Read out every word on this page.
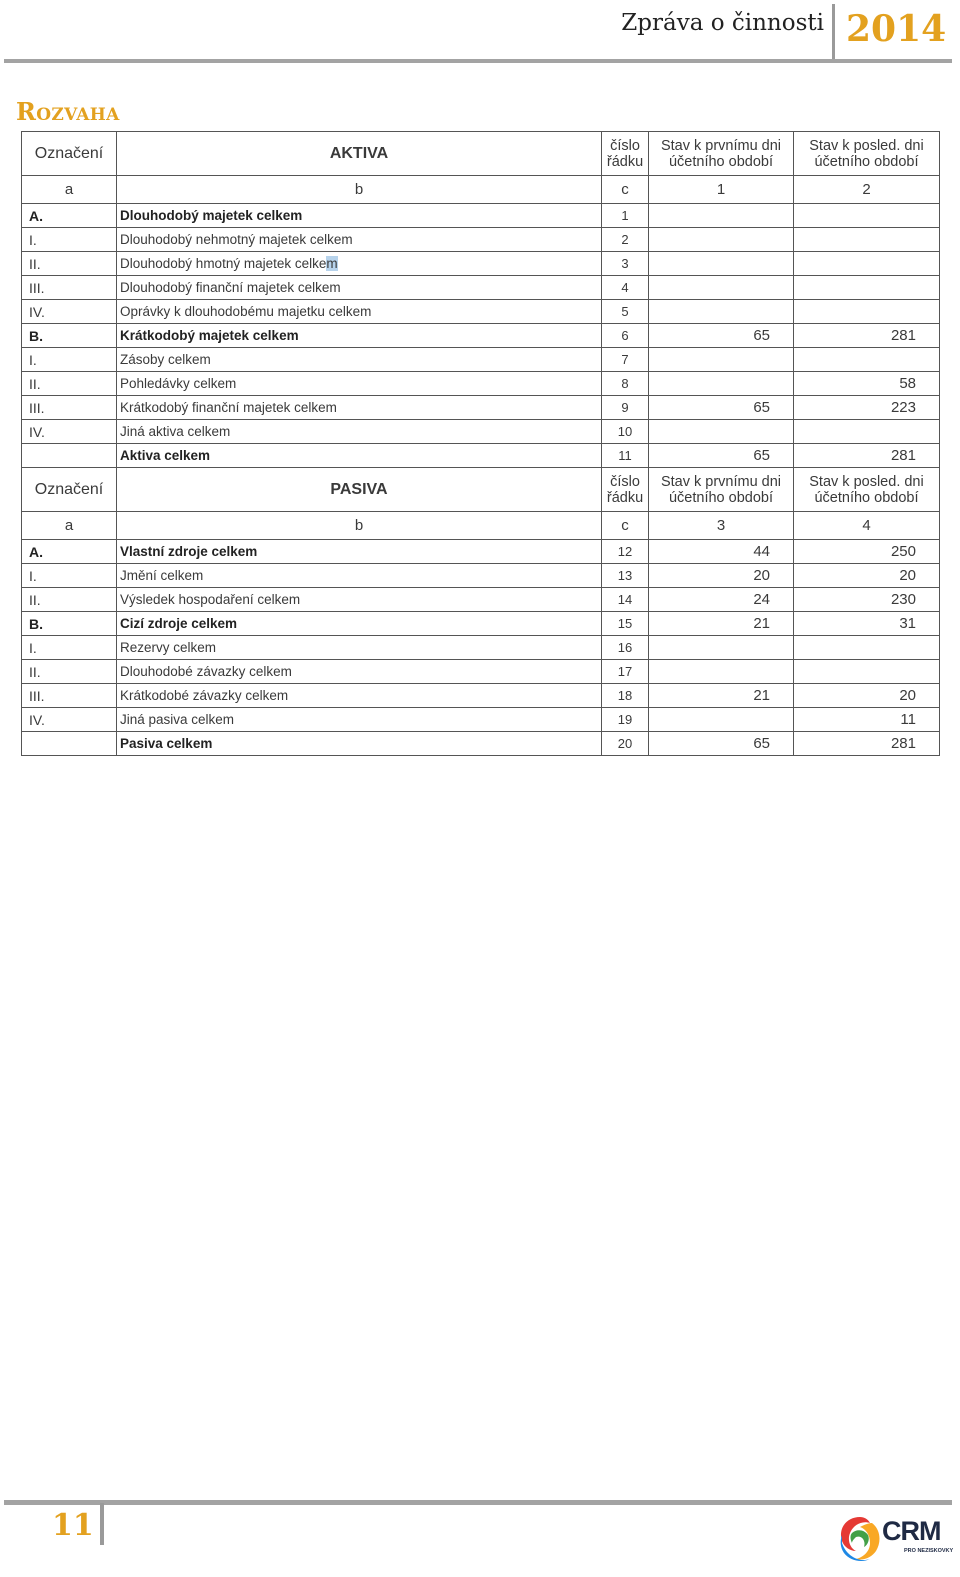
Zpráva o činnosti 2014
Rozvaha
Označení	AKTIVA	číslo řádku	Stav k prvnímu dni účetního období	Stav k posled. dni účetního období
a	b	c	1	2
A.	Dlouhodobý majetek celkem	1		
I.	Dlouhodobý nehmotný majetek celkem	2		
II.	Dlouhodobý hmotný majetek celkem	3		
III.	Dlouhodobý finanční majetek celkem	4		
IV.	Oprávky k dlouhodobému majetku celkem	5		
B.	Krátkodobý majetek celkem	6	65	281
I.	Zásoby celkem	7		
II.	Pohledávky celkem	8		58
III.	Krátkodobý finanční majetek celkem	9	65	223
IV.	Jiná aktiva celkem	10		
	Aktiva celkem	11	65	281
Označení	PASIVA	číslo řádku	Stav k prvnímu dni účetního období	Stav k posled. dni účetního období
a	b	c	3	4
A.	Vlastní zdroje celkem	12	44	250
I.	Jmění celkem	13	20	20
II.	Výsledek hospodaření celkem	14	24	230
B.	Cizí zdroje celkem	15	21	31
I.	Rezervy celkem	16		
II.	Dlouhodobé závazky celkem	17		
III.	Krátkodobé závazky celkem	18	21	20
IV.	Jiná pasiva celkem	19		11
	Pasiva celkem	20	65	281
11	CRM
PRO NEZISKOVKY
